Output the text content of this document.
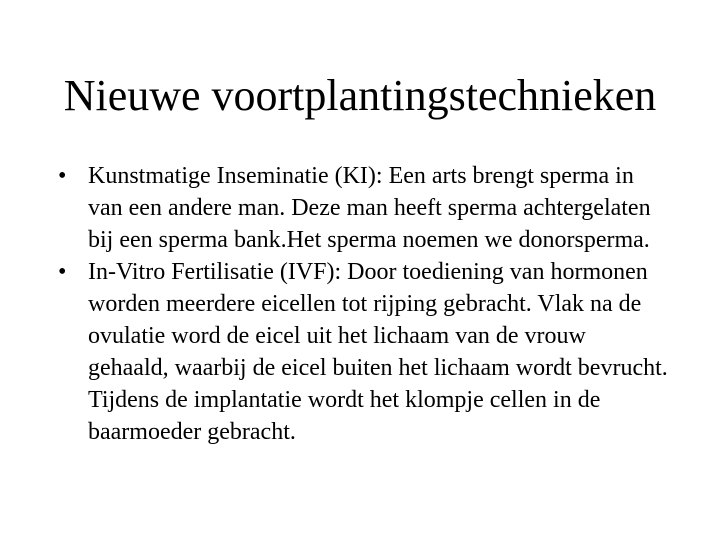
Nieuwe voortplantingstechnieken
• Kunstmatige Inseminatie (KI): Een arts brengt sperma in van een andere man. Deze man heeft sperma achtergelaten bij een sperma bank.Het sperma noemen we donorsperma.
• In-Vitro Fertilisatie (IVF): Door toediening van hormonen worden meerdere eicellen tot rijping gebracht. Vlak na de ovulatie word de eicel uit het lichaam van de vrouw gehaald, waarbij de eicel buiten het lichaam wordt bevrucht. Tijdens de implantatie wordt het klompje cellen in de baarmoeder gebracht.
